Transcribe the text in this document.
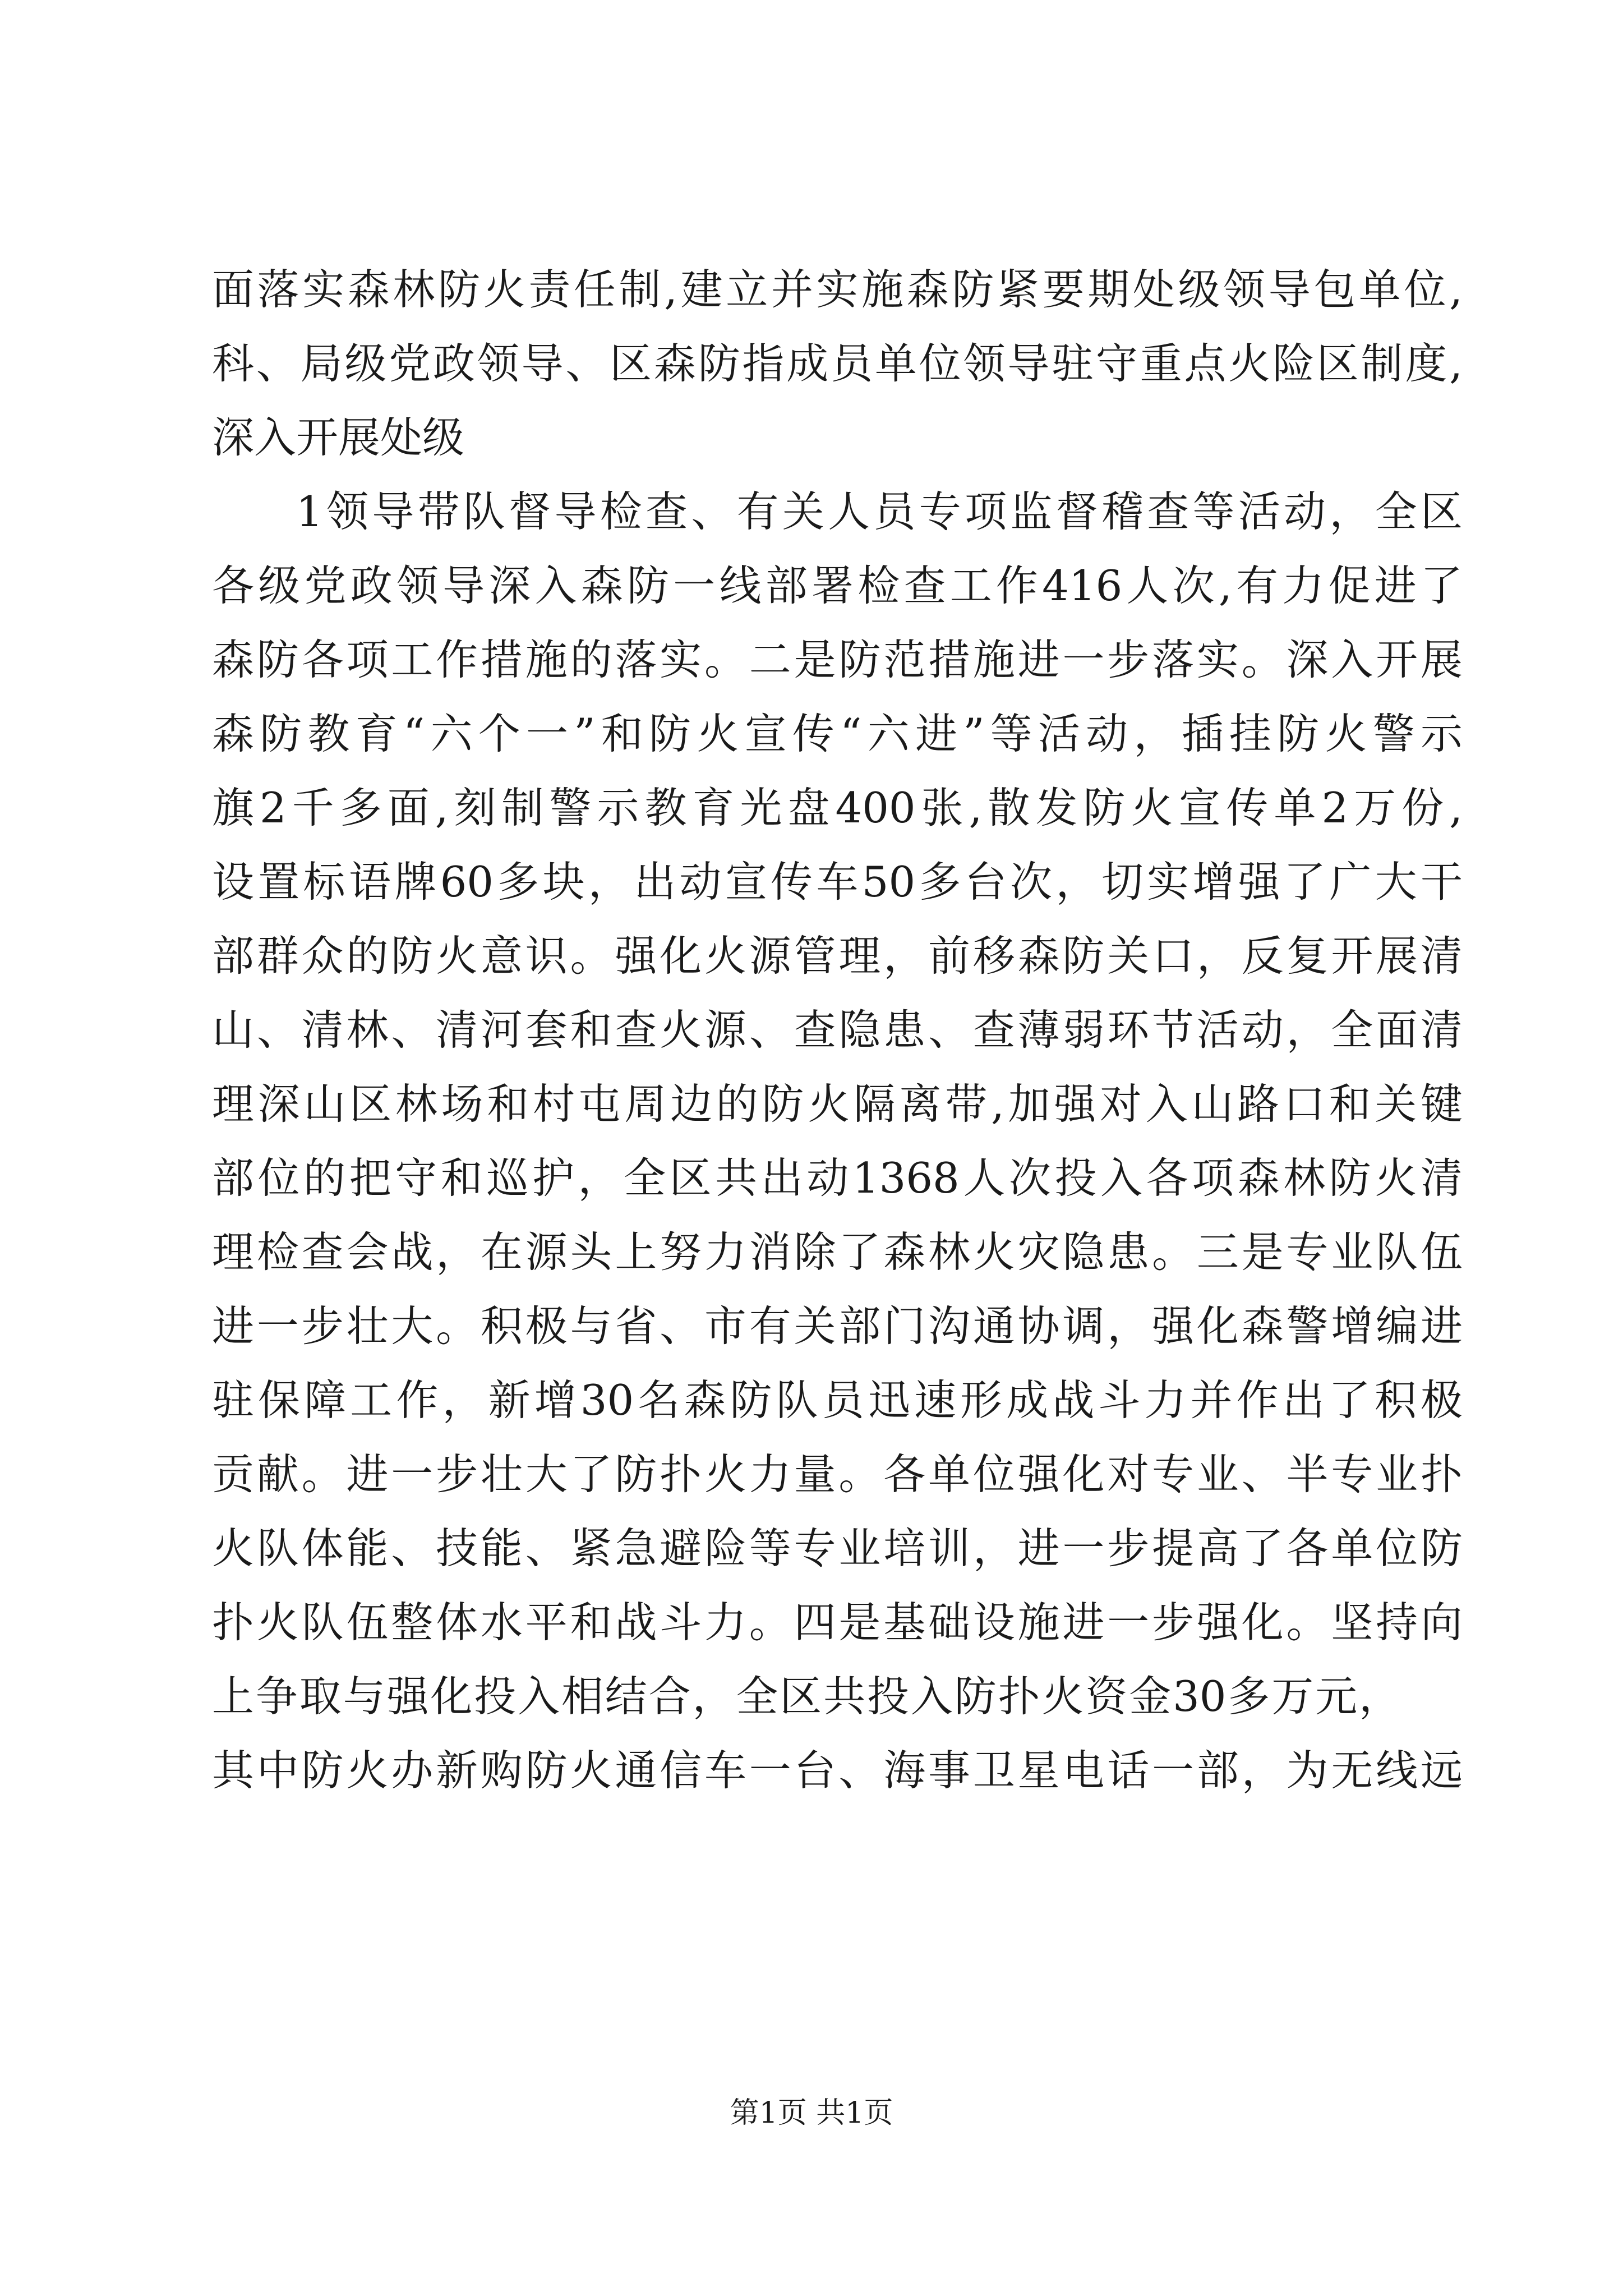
面落实森林防火责任制,建立并实施森防紧要期处级领导包单位,
科、局级党政领导、区森防指成员单位领导驻守重点火险区制度,
深入开展处级
1领导带队督导检查、有关人员专项监督稽查等活动，全区
各级党政领导深入森防一线部署检查工作416人次,有力促进了
森防各项工作措施的落实。二是防范措施进一步落实。深入开展
森防教育“六个一”和防火宣传“六进”等活动，插挂防火警示
旗2千多面,刻制警示教育光盘400张,散发防火宣传单2万份,
设置标语牌60多块，出动宣传车50多台次，切实增强了广大干
部群众的防火意识。强化火源管理，前移森防关口，反复开展清
山、清林、清河套和查火源、查隐患、查薄弱环节活动，全面清
理深山区林场和村屯周边的防火隔离带,加强对入山路口和关键
部位的把守和巡护，全区共出动1368人次投入各项森林防火清
理检查会战，在源头上努力消除了森林火灾隐患。三是专业队伍
进一步壮大。积极与省、市有关部门沟通协调，强化森警增编进
驻保障工作，新增30名森防队员迅速形成战斗力并作出了积极
贡献。进一步壮大了防扑火力量。各单位强化对专业、半专业扑
火队体能、技能、紧急避险等专业培训，进一步提高了各单位防
扑火队伍整体水平和战斗力。四是基础设施进一步强化。坚持向
上争取与强化投入相结合，全区共投入防扑火资金30多万元，
其中防火办新购防火通信车一台、海事卫星电话一部，为无线远
第1页 共1页
